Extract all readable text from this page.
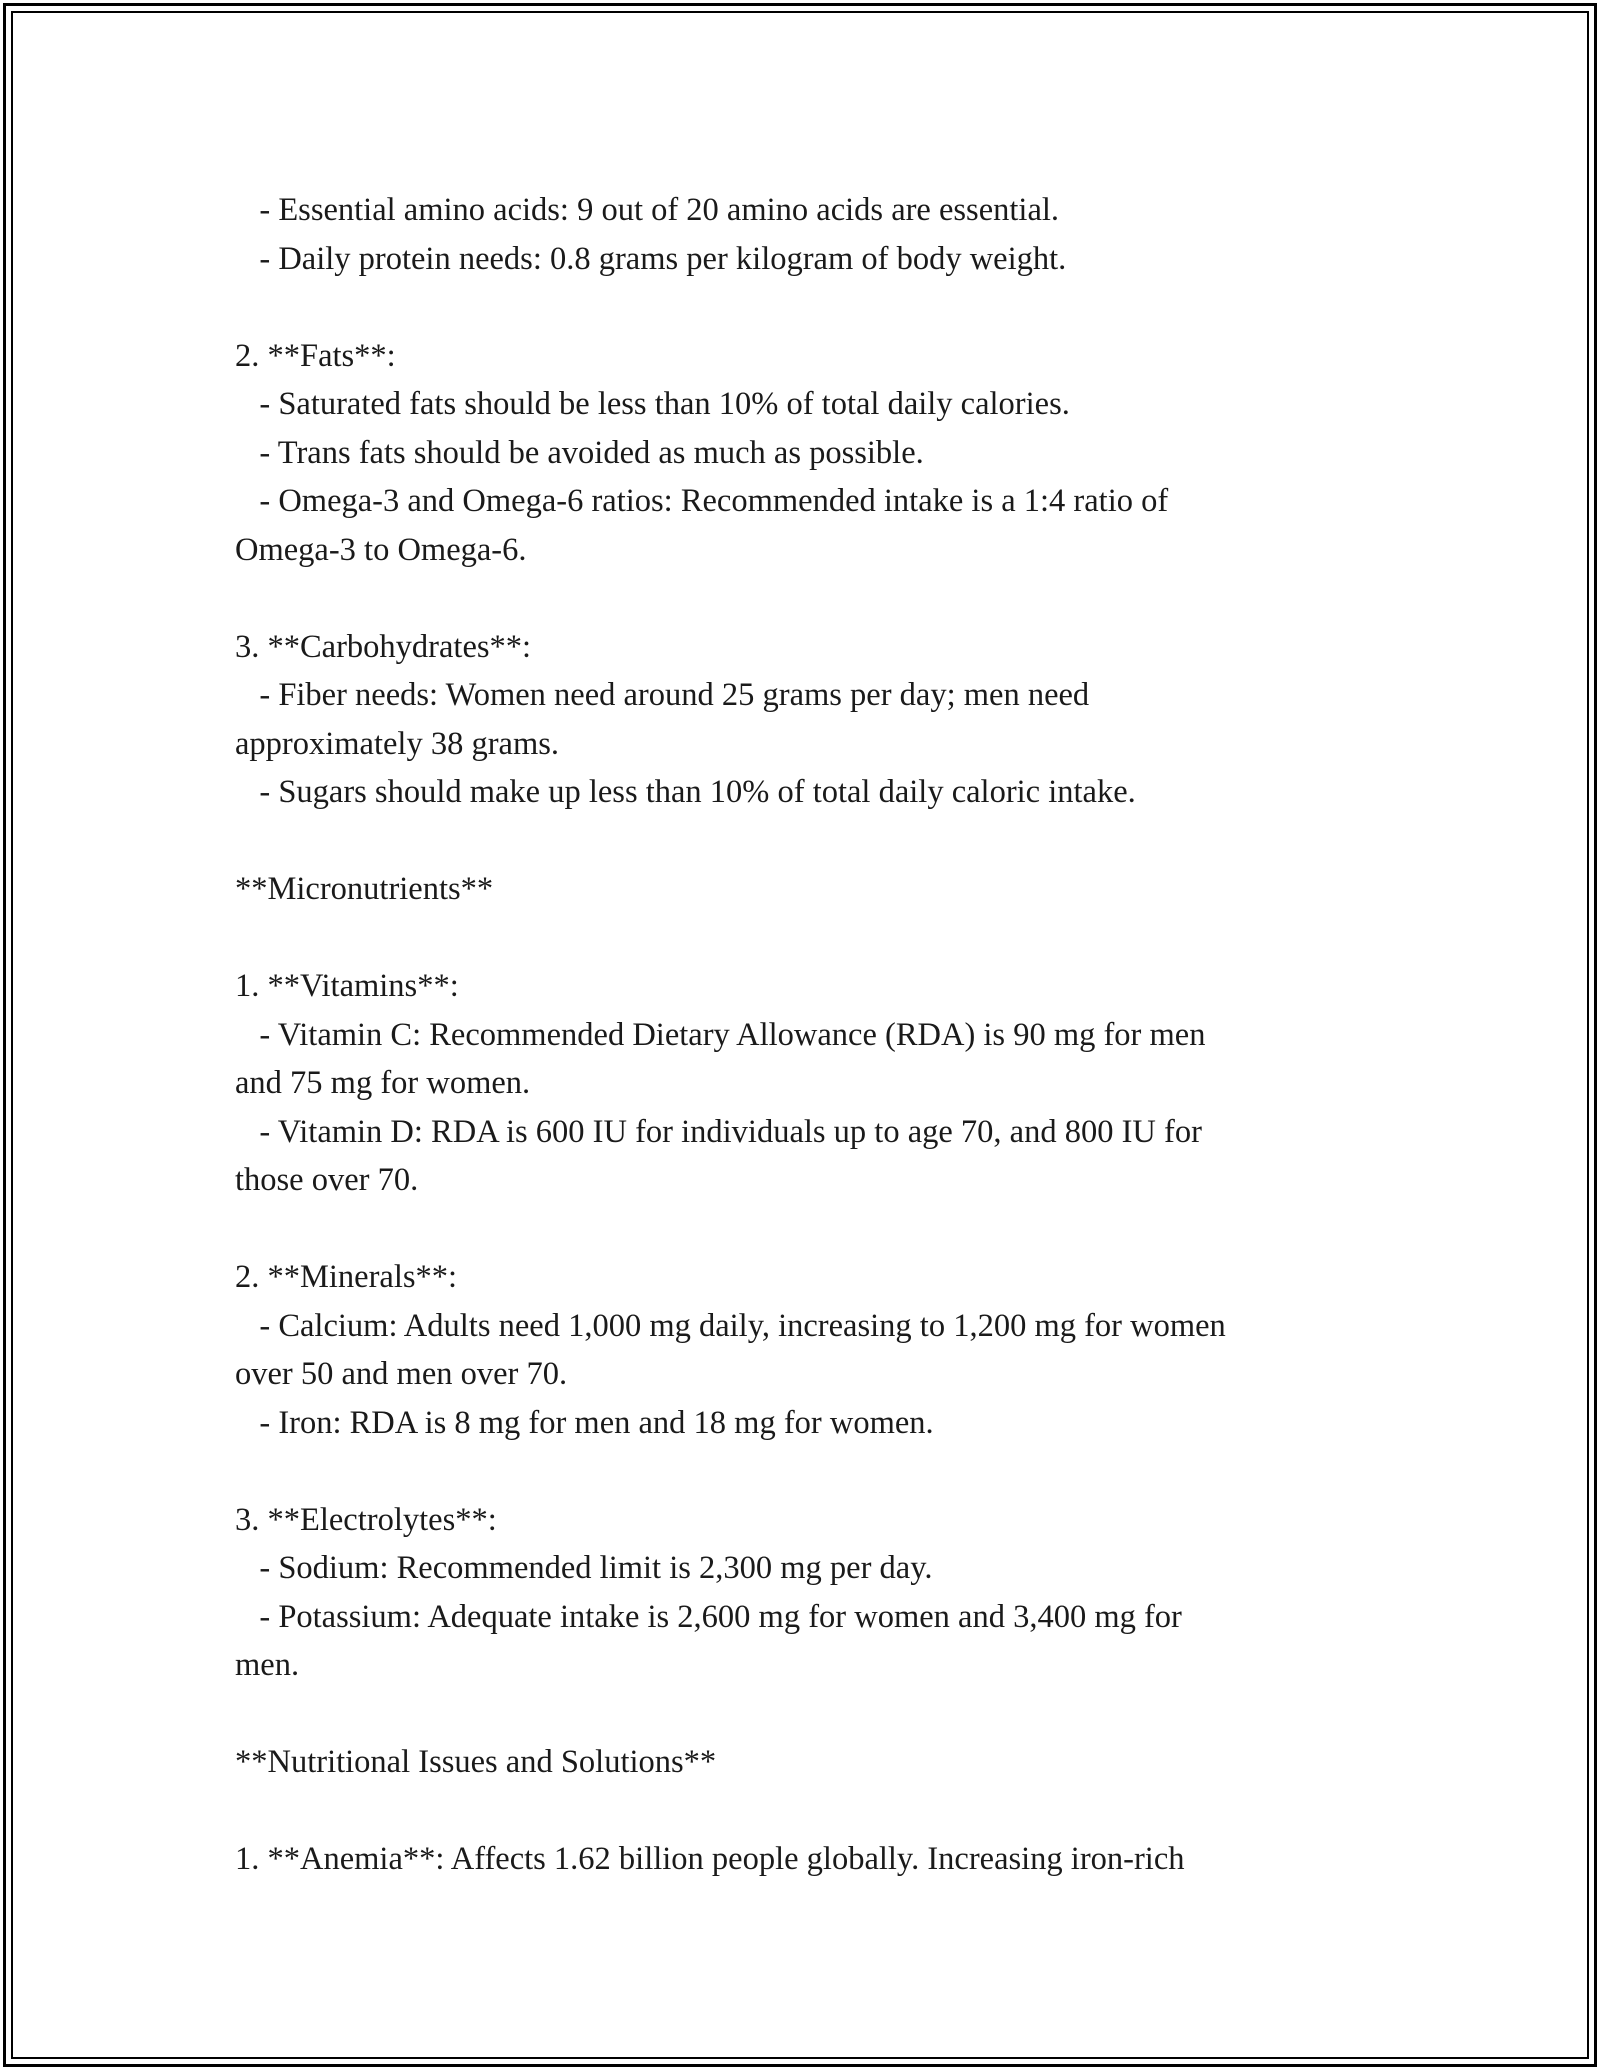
- Essential amino acids: 9 out of 20 amino acids are essential.
- Daily protein needs: 0.8 grams per kilogram of body weight.
2. **Fats**:
- Saturated fats should be less than 10% of total daily calories.
- Trans fats should be avoided as much as possible.
- Omega-3 and Omega-6 ratios: Recommended intake is a 1:4 ratio of
Omega-3 to Omega-6.
3. **Carbohydrates**:
- Fiber needs: Women need around 25 grams per day; men need
approximately 38 grams.
- Sugars should make up less than 10% of total daily caloric intake.
**Micronutrients**
1. **Vitamins**:
- Vitamin C: Recommended Dietary Allowance (RDA) is 90 mg for men
and 75 mg for women.
- Vitamin D: RDA is 600 IU for individuals up to age 70, and 800 IU for
those over 70.
2. **Minerals**:
- Calcium: Adults need 1,000 mg daily, increasing to 1,200 mg for women
over 50 and men over 70.
- Iron: RDA is 8 mg for men and 18 mg for women.
3. **Electrolytes**:
- Sodium: Recommended limit is 2,300 mg per day.
- Potassium: Adequate intake is 2,600 mg for women and 3,400 mg for
men.
**Nutritional Issues and Solutions**
1. **Anemia**: Affects 1.62 billion people globally. Increasing iron-rich
